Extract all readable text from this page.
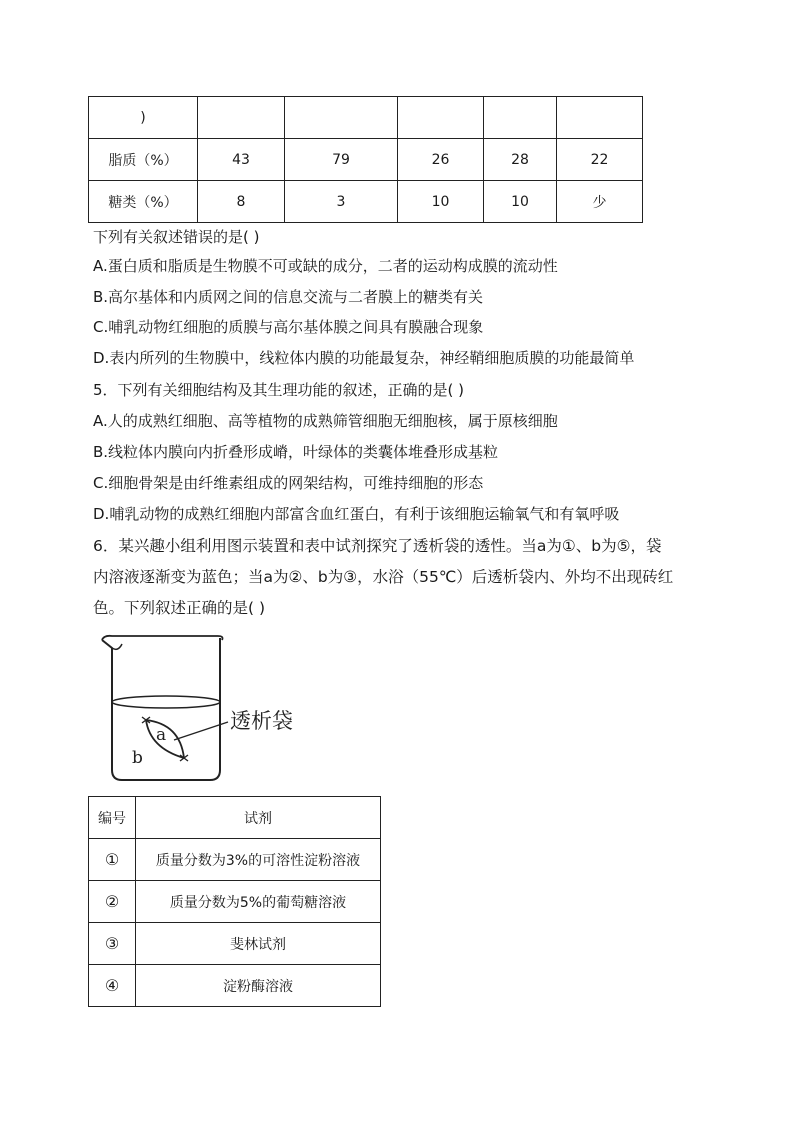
)					
脂质（%）	43	79	26	28	22
糖类（%）	8	3	10	10	少
下列有关叙述错误的是( )
A.蛋白质和脂质是生物膜不可或缺的成分，二者的运动构成膜的流动性
B.高尔基体和内质网之间的信息交流与二者膜上的糖类有关
C.哺乳动物红细胞的质膜与高尔基体膜之间具有膜融合现象
D.表内所列的生物膜中，线粒体内膜的功能最复杂，神经鞘细胞质膜的功能最简单
5．下列有关细胞结构及其生理功能的叙述，正确的是( )
A.人的成熟红细胞、高等植物的成熟筛管细胞无细胞核，属于原核细胞
B.线粒体内膜向内折叠形成嵴，叶绿体的类囊体堆叠形成基粒
C.细胞骨架是由纤维素组成的网架结构，可维持细胞的形态
D.哺乳动物的成熟红细胞内部富含血红蛋白，有利于该细胞运输氧气和有氧呼吸
6．某兴趣小组利用图示装置和表中试剂探究了透析袋的透性。当a为①、b为⑤，袋
内溶液逐渐变为蓝色；当a为②、b为③，水浴（55℃）后透析袋内、外均不出现砖红
色。下列叙述正确的是( )
a
b
透析袋
编号	试剂
①	质量分数为3%的可溶性淀粉溶液
②	质量分数为5%的葡萄糖溶液
③	斐林试剂
④	淀粉酶溶液
